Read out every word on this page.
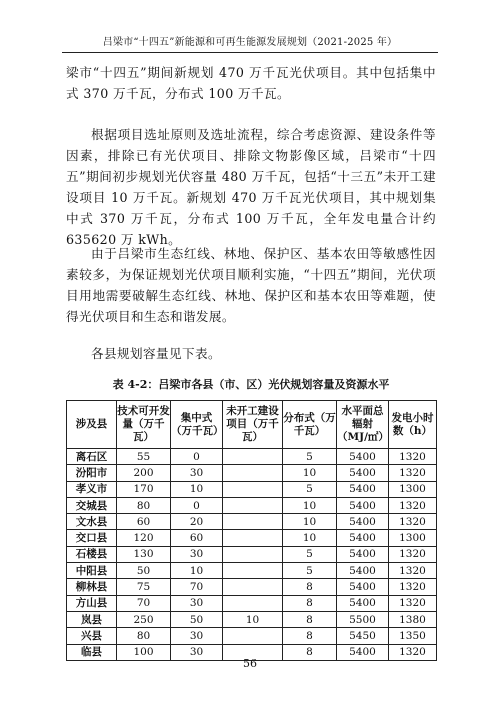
吕梁市“十四五”新能源和可再生能源发展规划（2021-2025 年）
梁市“十四五”期间新规划 470 万千瓦光伏项目。其中包括集中式 370 万千瓦，分布式 100 万千瓦。
根据项目选址原则及选址流程，综合考虑资源、建设条件等因素，排除已有光伏项目、排除文物影像区域，吕梁市“十四五”期间初步规划光伏容量 480 万千瓦，包括“十三五”未开工建设项目 10 万千瓦。新规划 470 万千瓦光伏项目，其中规划集中式 370 万千瓦，分布式 100 万千瓦，全年发电量合计约 635620 万 kWh。
由于吕梁市生态红线、林地、保护区、基本农田等敏感性因素较多，为保证规划光伏项目顺利实施，“十四五”期间，光伏项目用地需要破解生态红线、林地、保护区和基本农田等难题，使得光伏项目和生态和谐发展。
各县规划容量见下表。
表 4-2：吕梁市各县（市、区）光伏规划容量及资源水平
涉及县	技术可开发量（万千瓦）	集中式（万千瓦）	未开工建设项目（万千瓦）	分布式（万千瓦）	水平面总辐射（MJ/㎡）	发电小时数（h）
离石区	55	0		5	5400	1320
汾阳市	200	30		10	5400	1320
孝义市	170	10		5	5400	1300
交城县	80	0		10	5400	1320
文水县	60	20		10	5400	1320
交口县	120	60		10	5400	1300
石楼县	130	30		5	5400	1320
中阳县	50	10		5	5400	1320
柳林县	75	70		8	5400	1320
方山县	70	30		8	5400	1320
岚县	250	50	10	8	5500	1380
兴县	80	30		8	5450	1350
临县	100	30		8	5400	1320
56
